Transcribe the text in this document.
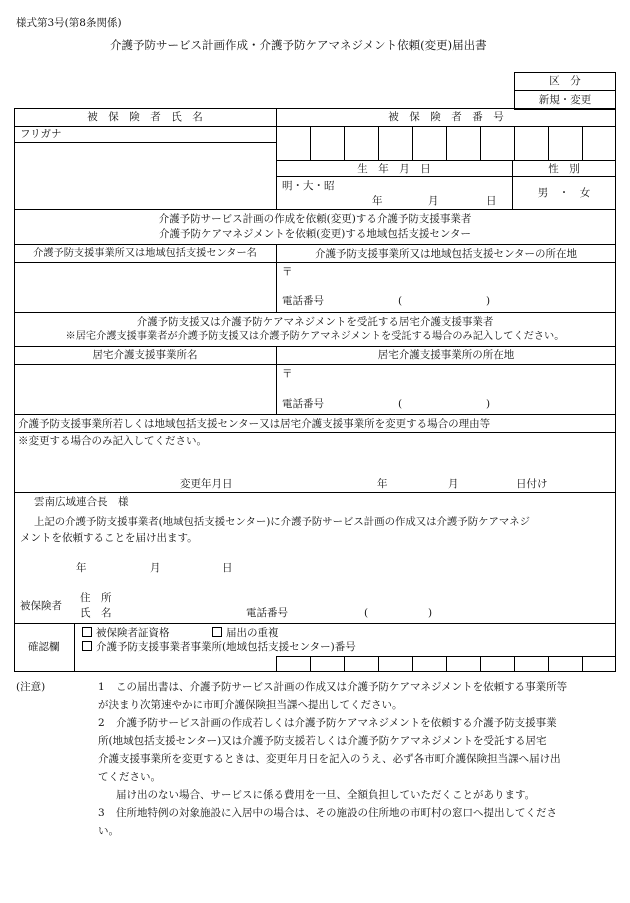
様式第3号(第8条関係)
介護予防サービス計画作成・介護予防ケアマネジメント依頼(変更)届出書
区　分
新規・変更
被　保　険　者　氏　名	被　保　険　者　番　号
フリガナ
生　年　月　日	性　別
明・大・昭
年	月	日
男　・　女
介護予防サービス計画の作成を依頼(変更)する介護予防支援事業者
介護予防ケアマネジメントを依頼(変更)する地域包括支援センター
介護予防支援事業所又は地域包括支援センター名	介護予防支援事業所又は地域包括支援センターの所在地
〒
電話番号	(	)
介護予防支援又は介護予防ケアマネジメントを受託する居宅介護支援事業者
※居宅介護支援事業者が介護予防支援又は介護予防ケアマネジメントを受託する場合のみ記入してください。
居宅介護支援事業所名	居宅介護支援事業所の所在地
〒
電話番号	(	)
介護予防支援事業所若しくは地域包括支援センター又は居宅介護支援事業所を変更する場合の理由等
※変更する場合のみ記入してください。
変更年月日	年	月	日付け
雲南広域連合長　様
上記の介護予防支援事業者(地域包括支援センター)に介護予防サービス計画の作成又は介護予防ケアマネジ
メントを依頼することを届け出ます。
年	月	日
被保険者
住　所
氏　名	電話番号	(	)
確認欄
被保険者証資格	届出の重複
介護予防支援事業者事業所(地域包括支援センター)番号
(注意)	1 この届出書は、介護予防サービス計画の作成又は介護予防ケアマネジメントを依頼する事業所等
が決まり次第速やかに市町介護保険担当課へ提出してください。
2 介護予防サービス計画の作成若しくは介護予防ケアマネジメントを依頼する介護予防支援事業
所(地域包括支援センター)又は介護予防支援若しくは介護予防ケアマネジメントを受託する居宅
介護支援事業所を変更するときは、変更年月日を記入のうえ、必ず各市町介護保険担当課へ届け出
てください。
届け出のない場合、サービスに係る費用を一旦、全額負担していただくことがあります。
3 住所地特例の対象施設に入居中の場合は、その施設の住所地の市町村の窓口へ提出してくださ
い。
